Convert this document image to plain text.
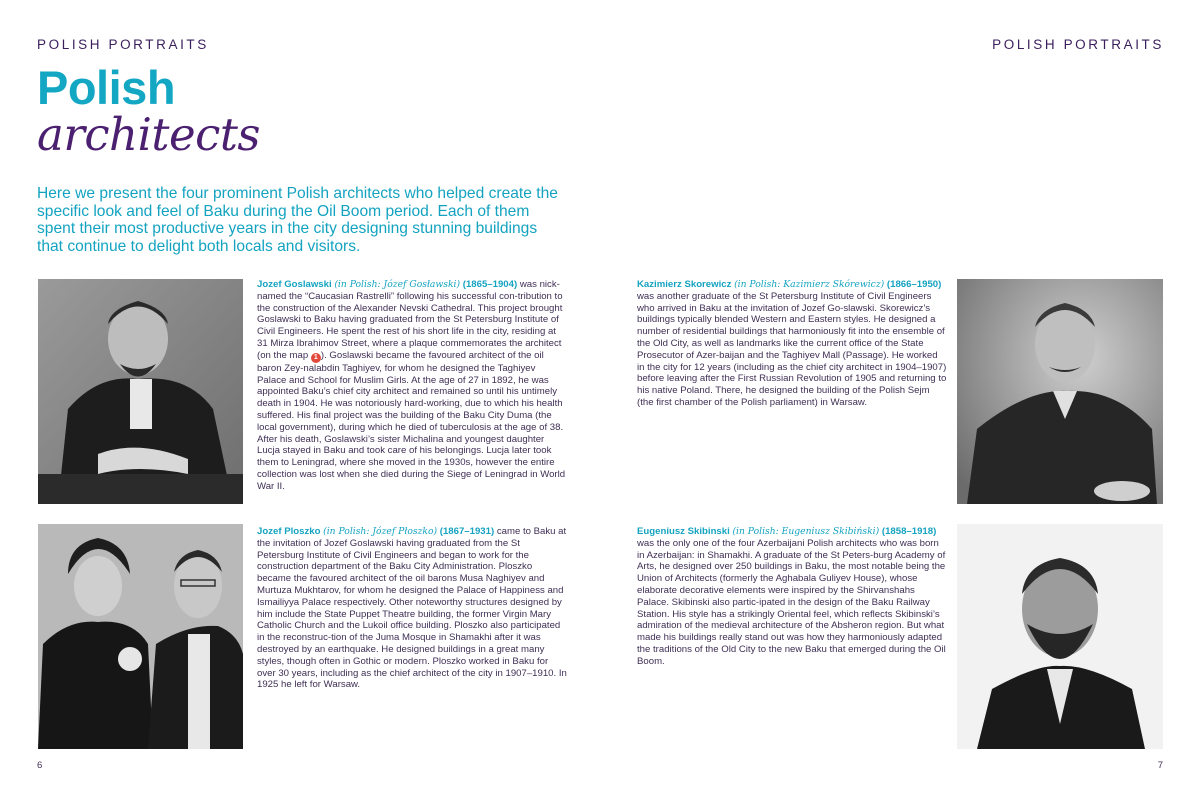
POLISH PORTRAITS	POLISH PORTRAITS
Polish
architects

Here we present the four prominent Polish architects who helped create the specific look and feel of Baku during the Oil Boom period. Each of them spent their most productive years in the city designing stunning buildings that continue to delight both locals and visitors.

Jozef Goslawski (in Polish: Józef Gosławski) (1865–1904) was nick-named the “Caucasian Rastrelli” following his successful con-tribution to the construction of the Alexander Nevski Cathedral. This project brought Goslawski to Baku having graduated from the St Petersburg Institute of Civil Engineers. He spent the rest of his short life in the city, residing at 31 Mirza Ibrahimov Street, where a plaque commemorates the architect (on the map 1 ). Goslawski became the favoured architect of the oil baron Zey-nalabdin Taghiyev, for whom he designed the Taghiyev Palace and School for Muslim Girls. At the age of 27 in 1892, he was appointed Baku’s chief city architect and remained so until his untimely death in 1904. He was notoriously hard-working, due to which his health suffered. His final project was the building of the Baku City Duma (the local government), during which he died of tuberculosis at the age of 38. After his death, Goslawski’s sister Michalina and youngest daughter Lucja stayed in Baku and took care of his belongings. Lucja later took them to Leningrad, where she moved in the 1930s, however the entire collection was lost when she died during the Siege of Leningrad in World War II.
Kazimierz Skorewicz (in Polish: Kazimierz Skórewicz) (1866–1950) was another graduate of the St Petersburg Institute of Civil Engineers who arrived in Baku at the invitation of Jozef Go-slawski. Skorewicz’s buildings typically blended Western and Eastern styles. He designed a number of residential buildings that harmoniously fit into the ensemble of the Old City, as well as landmarks like the current office of the State Prosecutor of Azer-baijan and the Taghiyev Mall (Passage). He worked in the city for 12 years (including as the chief city architect in 1904–1907) before leaving after the First Russian Revolution of 1905 and returning to his native Poland. There, he designed the building of the Polish Sejm (the first chamber of the Polish parliament) in Warsaw.
Jozef Ploszko (in Polish: Józef Płoszko) (1867–1931) came to Baku at the invitation of Jozef Goslawski having graduated from the St Petersburg Institute of Civil Engineers and began to work for the construction department of the Baku City Administration. Ploszko became the favoured architect of the oil barons Musa Naghiyev and Murtuza Mukhtarov, for whom he designed the Palace of Happiness and Ismailiyya Palace respectively. Other noteworthy structures designed by him include the State Puppet Theatre building, the former Virgin Mary Catholic Church and the Lukoil office building. Ploszko also participated in the reconstruc-tion of the Juma Mosque in Shamakhi after it was destroyed by an earthquake. He designed buildings in a great many styles, though often in Gothic or modern. Ploszko worked in Baku for over 30 years, including as the chief architect of the city in 1907–1910. In 1925 he left for Warsaw.
Eugeniusz Skibinski (in Polish: Eugeniusz Skibiński) (1858–1918) was the only one of the four Azerbaijani Polish architects who was born in Azerbaijan: in Shamakhi. A graduate of the St Peters-burg Academy of Arts, he designed over 250 buildings in Baku, the most notable being the Union of Architects (formerly the Aghabala Guliyev House), whose elaborate decorative elements were inspired by the Shirvanshahs Palace. Skibinski also partic-ipated in the design of the Baku Railway Station. His style has a strikingly Oriental feel, which reflects Skibinski’s admiration of the medieval architecture of the Absheron region. But what made his buildings really stand out was how they harmoniously adapted the traditions of the Old City to the new Baku that emerged during the Oil Boom.
6	7
